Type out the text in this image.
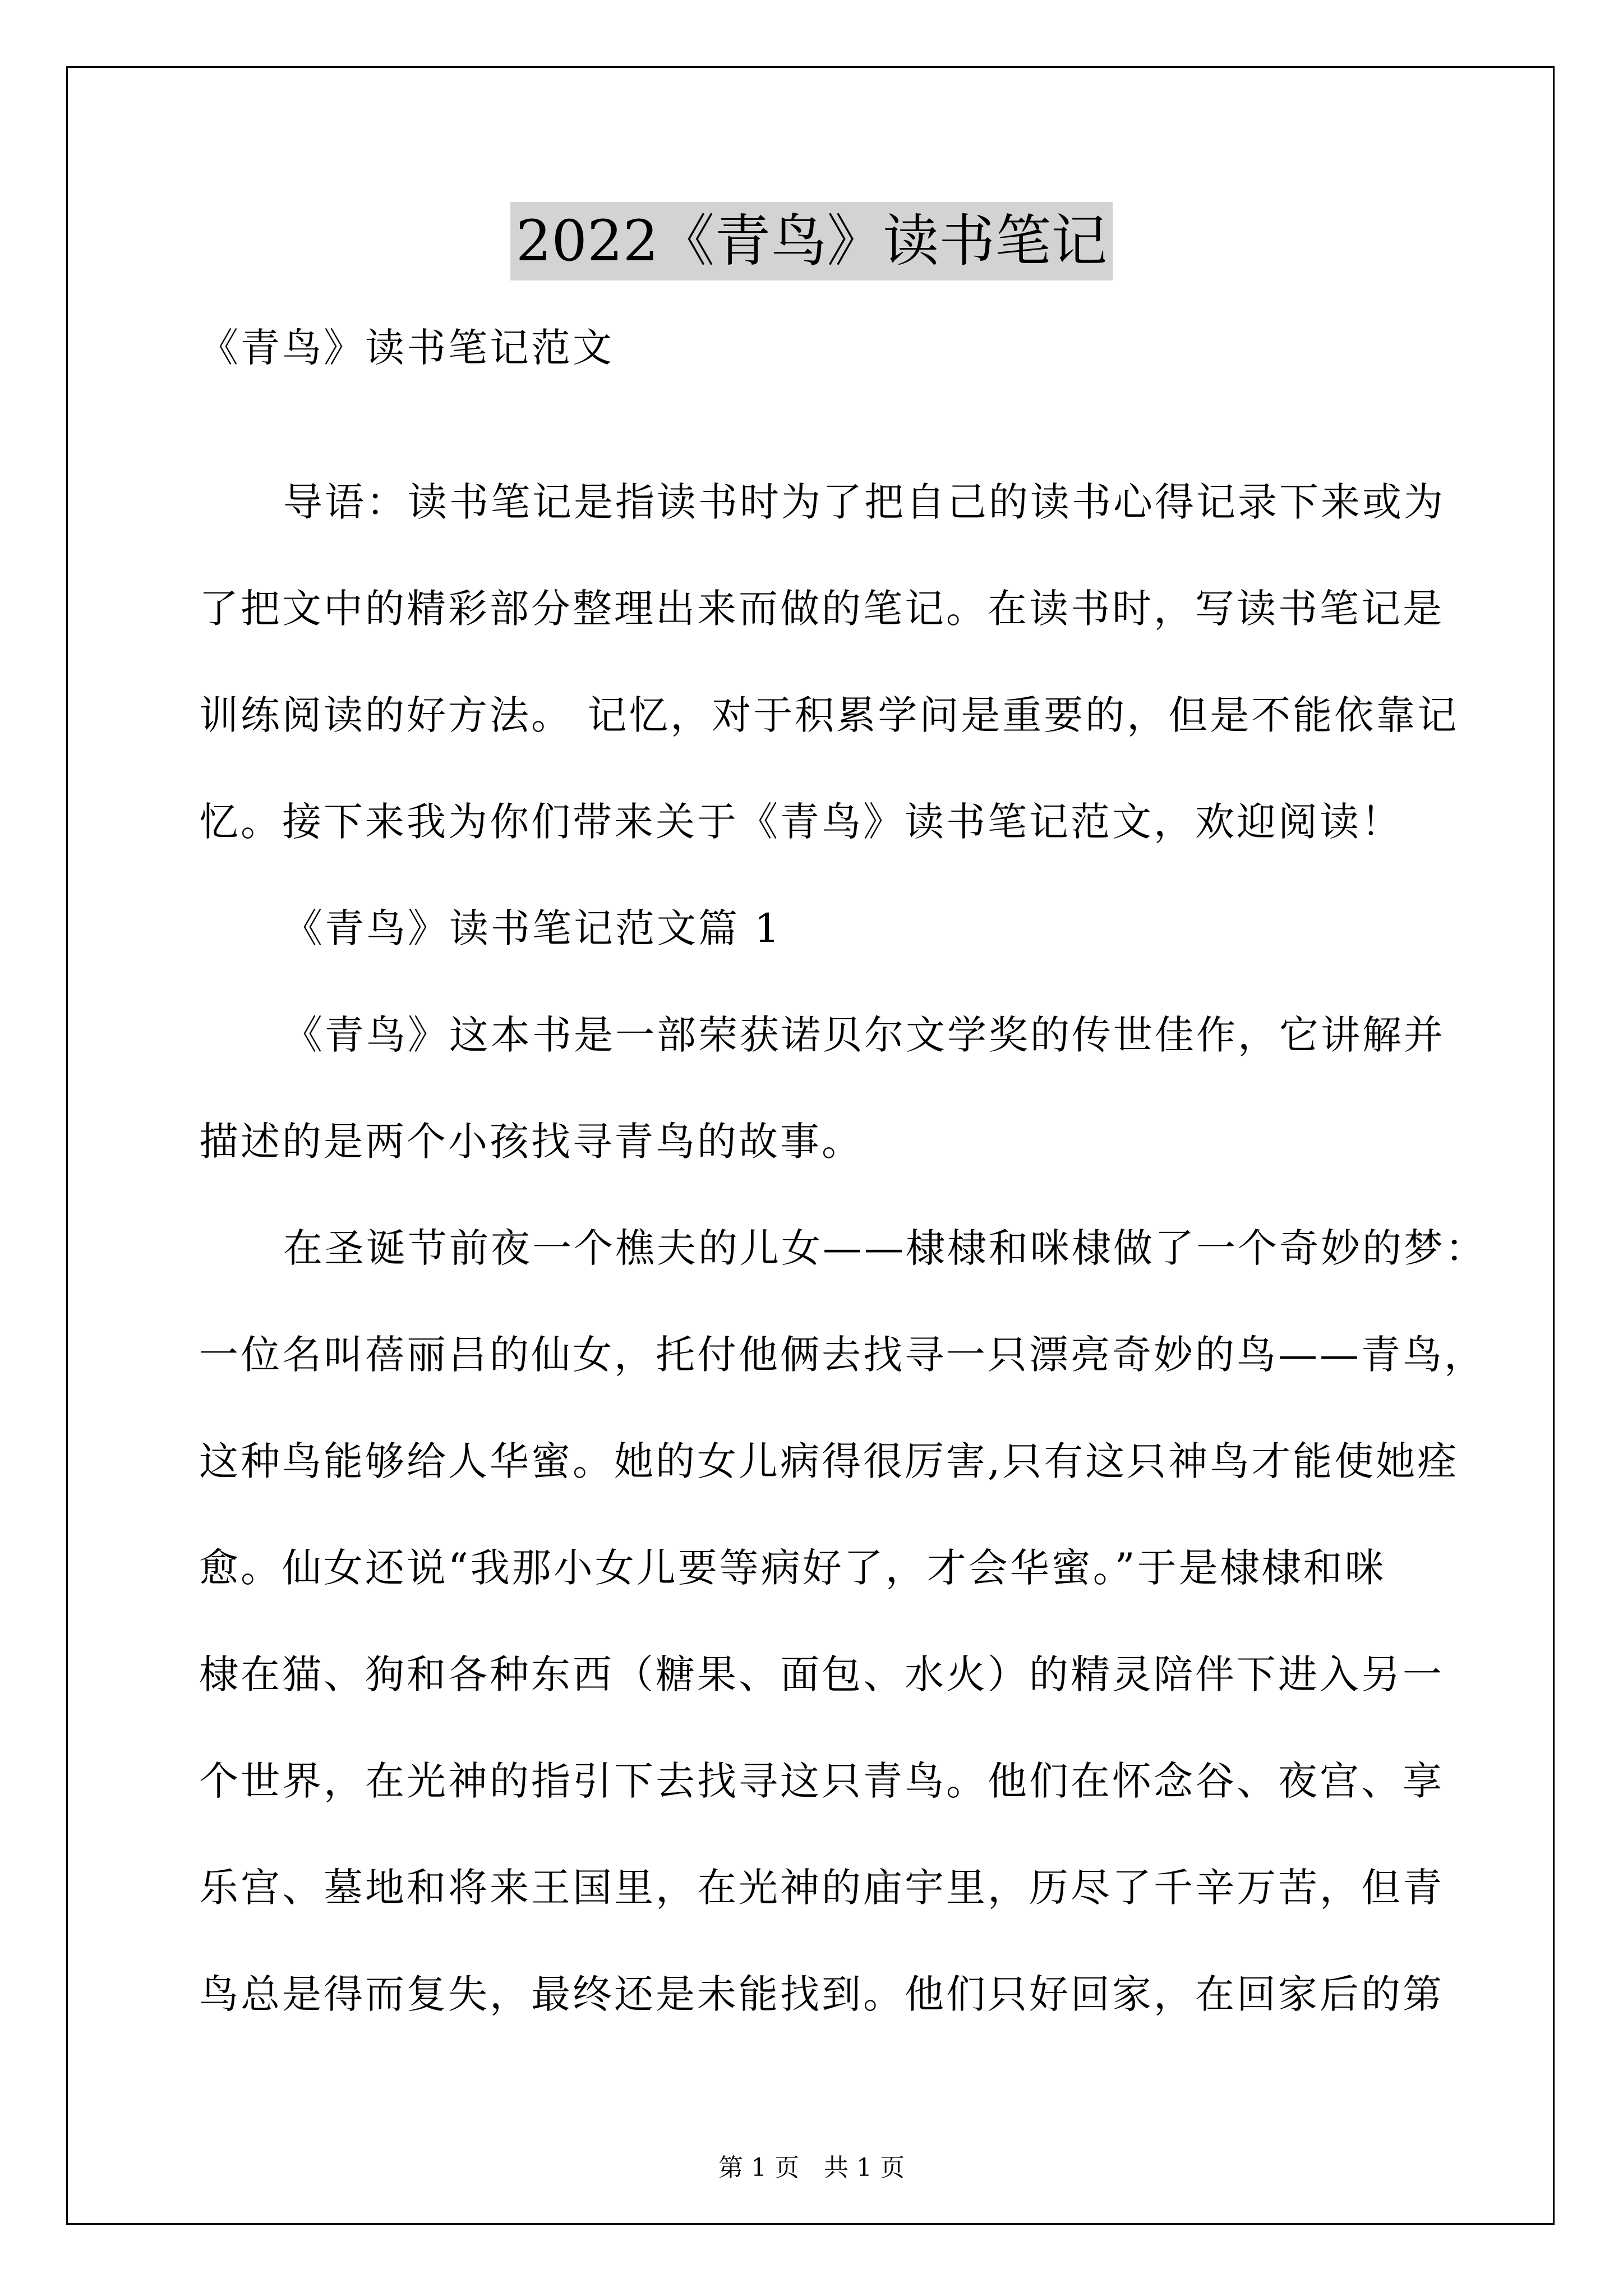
2022《青鸟》读书笔记
《青鸟》读书笔记范文

导语：读书笔记是指读书时为了把自己的读书心得记录下来或为

了把文中的精彩部分整理出来而做的笔记。在读书时，写读书笔记是

训练阅读的好方法。 记忆，对于积累学问是重要的，但是不能依靠记

忆。接下来我为你们带来关于《青鸟》读书笔记范文，欢迎阅读！

《青鸟》读书笔记范文篇 1

《青鸟》这本书是一部荣获诺贝尔文学奖的传世佳作，它讲解并

描述的是两个小孩找寻青鸟的故事。

在圣诞节前夜一个樵夫的儿女——棣棣和咪棣做了一个奇妙的梦：

一位名叫蓓丽吕的仙女，托付他俩去找寻一只漂亮奇妙的鸟——青鸟，

这种鸟能够给人华蜜。她的女儿病得很厉害,只有这只神鸟才能使她痊

愈。仙女还说“我那小女儿要等病好了，才会华蜜。”于是棣棣和咪

棣在猫、狗和各种东西（糖果、面包、水火）的精灵陪伴下进入另一

个世界，在光神的指引下去找寻这只青鸟。他们在怀念谷、夜宫、享

乐宫、墓地和将来王国里，在光神的庙宇里，历尽了千辛万苦，但青

鸟总是得而复失，最终还是未能找到。他们只好回家，在回家后的第

第 1 页　共 1 页
